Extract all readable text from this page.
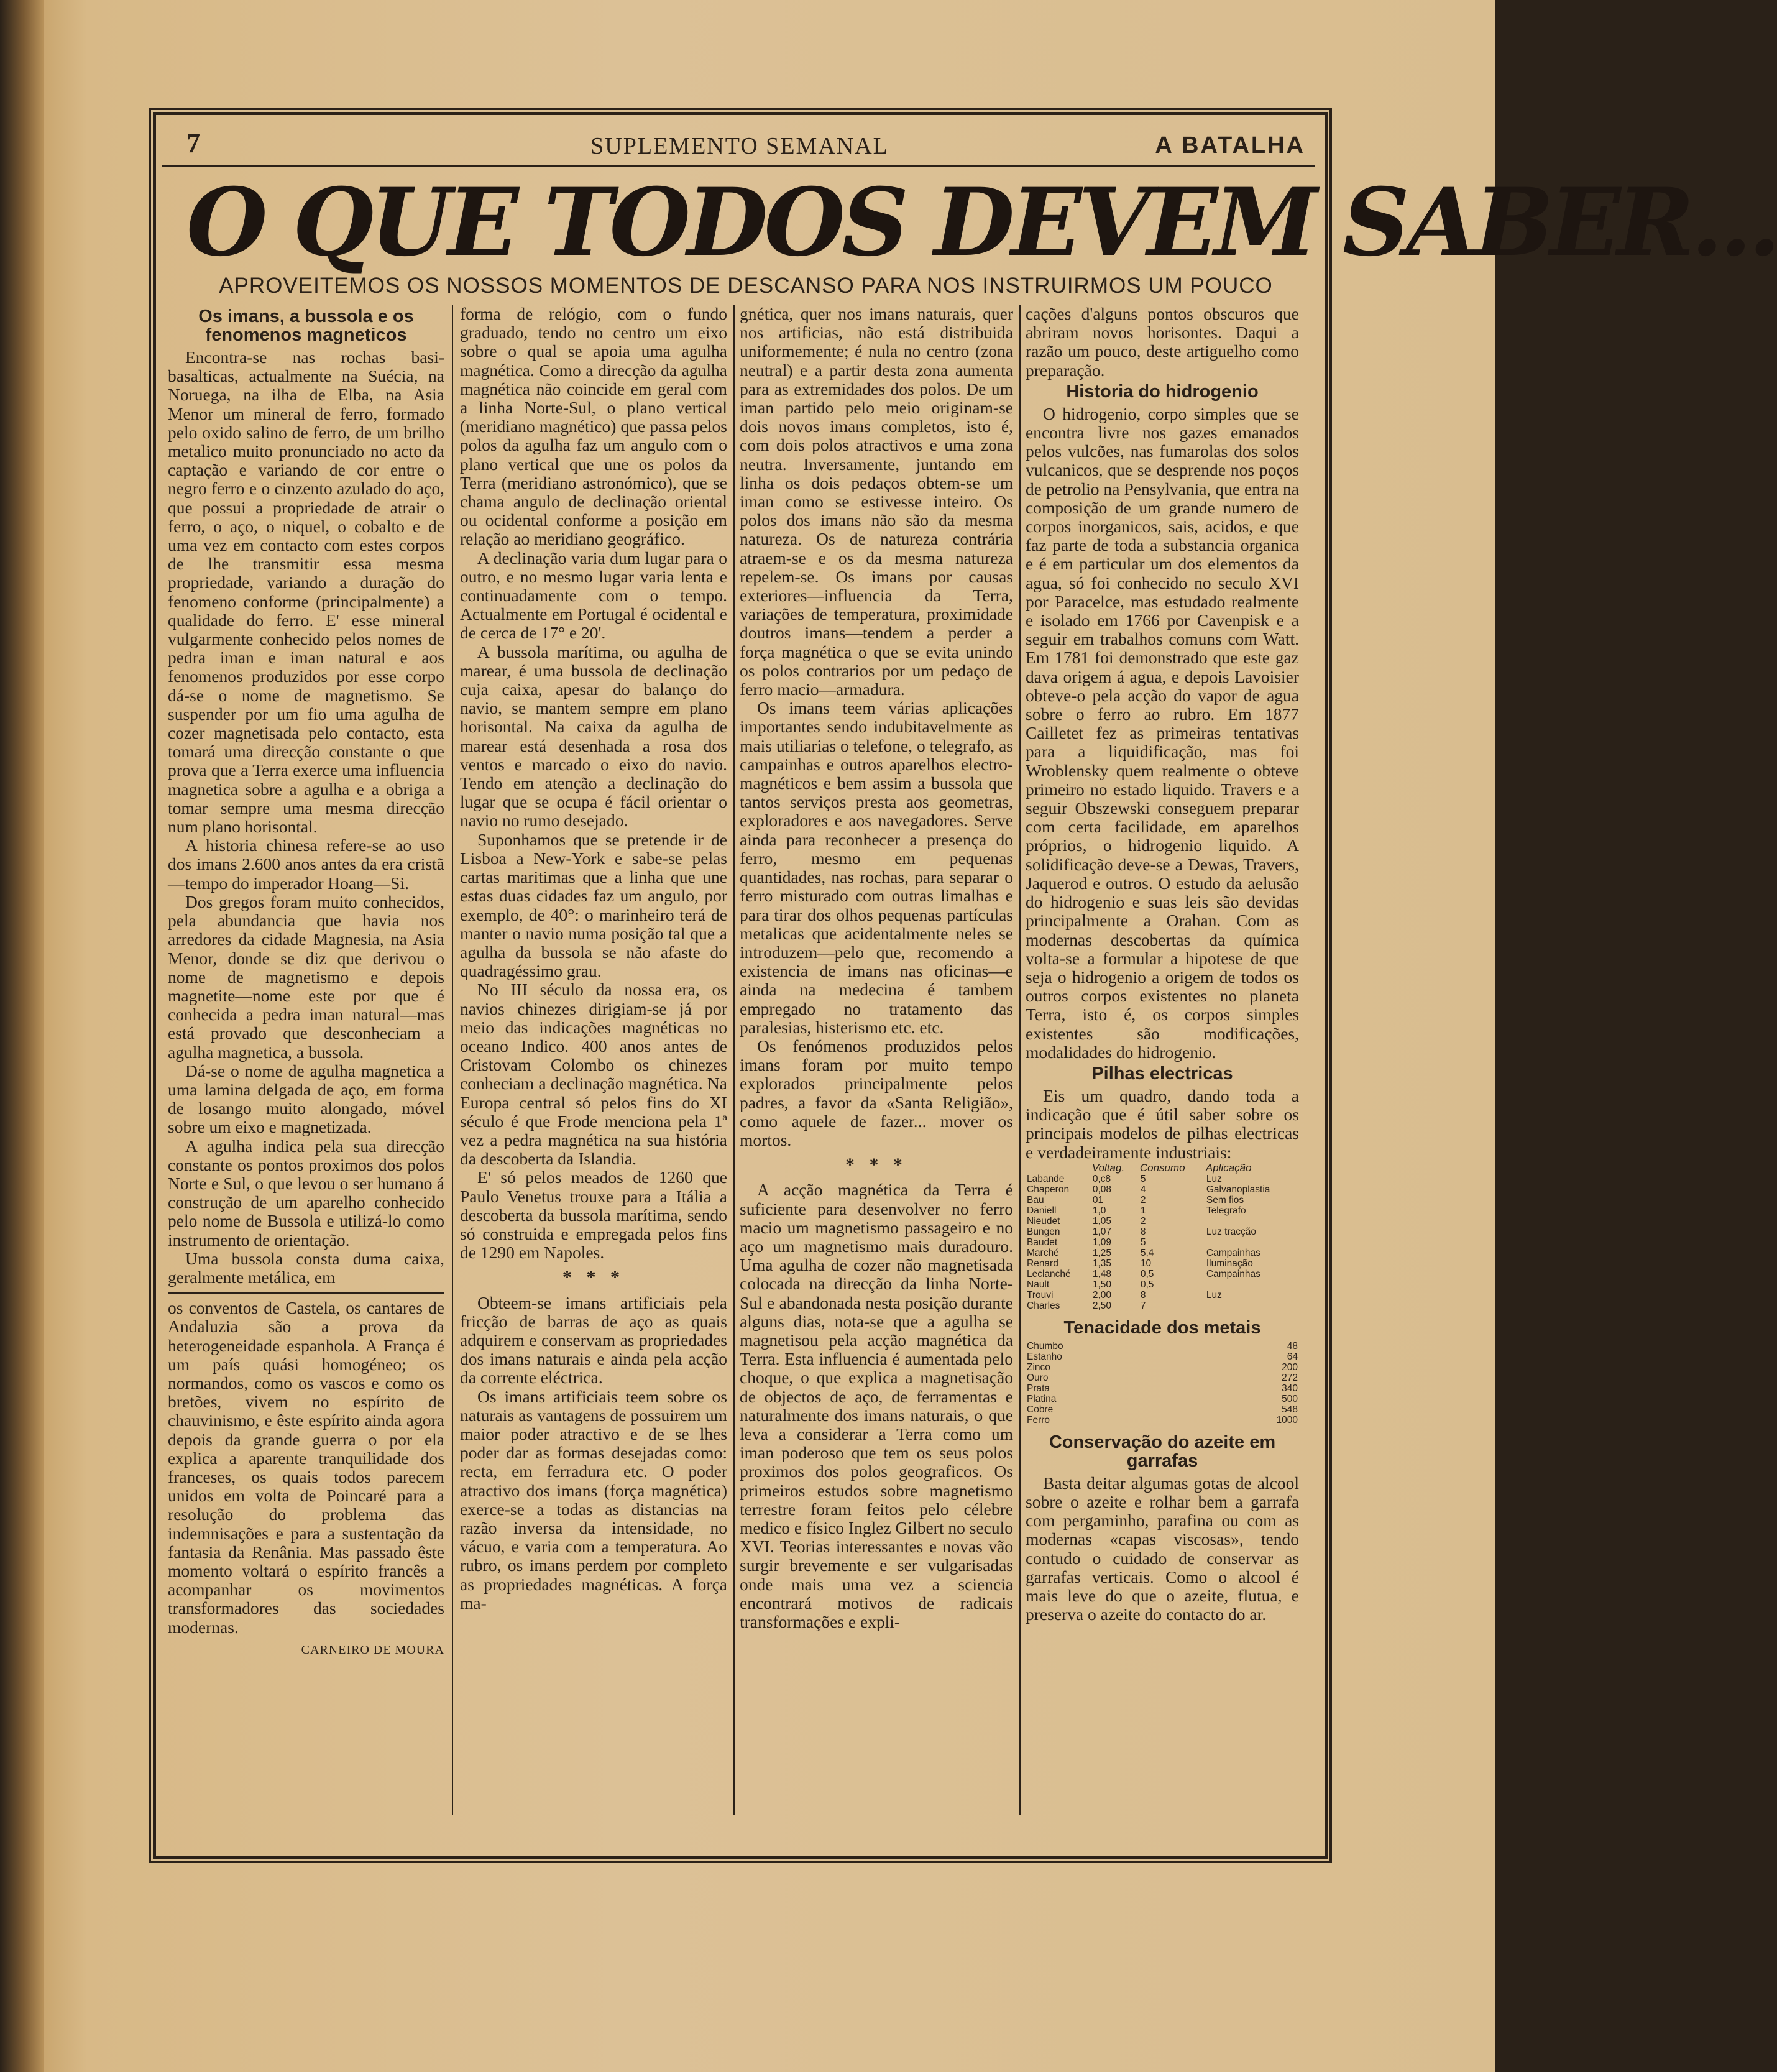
7	SUPLEMENTO SEMANAL	A BATALHA
O QUE TODOS DEVEM SABER...
APROVEITEMOS OS NOSSOS MOMENTOS DE DESCANSO PARA NOS INSTRUIRMOS UM POUCO
Os imans, a bussola e os fenomenos magneticos

Encontra-se nas rochas basi-basalticas, actualmente na Suécia, na Noruega, na ilha de Elba, na Asia Menor um mineral de ferro, formado pelo oxido salino de ferro, de um brilho metalico muito pronunciado no acto da captação e variando de cor entre o negro ferro e o cinzento azulado do aço, que possui a propriedade de atrair o ferro, o aço, o niquel, o cobalto e de uma vez em contacto com estes corpos de lhe transmitir essa mesma propriedade, variando a duração do fenomeno conforme (principalmente) a qualidade do ferro. E' esse mineral vulgarmente conhecido pelos nomes de pedra iman e iman natural e aos fenomenos produzidos por esse corpo dá-se o nome de magnetismo. Se suspender por um fio uma agulha de cozer magnetisada pelo contacto, esta tomará uma direcção constante o que prova que a Terra exerce uma influencia magnetica sobre a agulha e a obriga a tomar sempre uma mesma direcção num plano horisontal.

A historia chinesa refere-se ao uso dos imans 2.600 anos antes da era cristã—tempo do imperador Hoang—Si.

Dos gregos foram muito conhecidos, pela abundancia que havia nos arredores da cidade Magnesia, na Asia Menor, donde se diz que derivou o nome de magnetismo e depois magnetite—nome este por que é conhecida a pedra iman natural—mas está provado que desconheciam a agulha magnetica, a bussola.

Dá-se o nome de agulha magnetica a uma lamina delgada de aço, em forma de losango muito alongado, móvel sobre um eixo e magnetizada.

A agulha indica pela sua direcção constante os pontos proximos dos polos Norte e Sul, o que levou o ser humano á construção de um aparelho conhecido pelo nome de Bussola e utilizá-lo como instrumento de orientação.

Uma bussola consta duma caixa, geralmente metálica, em

os conventos de Castela, os cantares de Andaluzia são a prova da heterogeneidade espanhola. A França é um país quási homogéneo; os normandos, como os vascos e como os bretões, vivem no espírito de chauvinismo, e êste espírito ainda agora depois da grande guerra o por ela explica a aparente tranquilidade dos franceses, os quais todos parecem unidos em volta de Poincaré para a resolução do problema das indemnisações e para a sustentação da fantasia da Renânia. Mas passado êste momento voltará o espírito francês a acompanhar os movimentos transformadores das sociedades modernas.

CARNEIRO DE MOURA

forma de relógio, com o fundo graduado, tendo no centro um eixo sobre o qual se apoia uma agulha magnética. Como a direcção da agulha magnética não coincide em geral com a linha Norte-Sul, o plano vertical (meridiano magnético) que passa pelos polos da agulha faz um angulo com o plano vertical que une os polos da Terra (meridiano astronómico), que se chama angulo de declinação oriental ou ocidental conforme a posição em relação ao meridiano geográfico.

A declinação varia dum lugar para o outro, e no mesmo lugar varia lenta e continuadamente com o tempo. Actualmente em Portugal é ocidental e de cerca de 17° e 20'.

A bussola marítima, ou agulha de marear, é uma bussola de declinação cuja caixa, apesar do balanço do navio, se mantem sempre em plano horisontal. Na caixa da agulha de marear está desenhada a rosa dos ventos e marcado o eixo do navio. Tendo em atenção a declinação do lugar que se ocupa é fácil orientar o navio no rumo desejado.

Suponhamos que se pretende ir de Lisboa a New-York e sabe-se pelas cartas maritimas que a linha que une estas duas cidades faz um angulo, por exemplo, de 40°: o marinheiro terá de manter o navio numa posição tal que a agulha da bussola se não afaste do quadragéssimo grau.

No III século da nossa era, os navios chinezes dirigiam-se já por meio das indicações magnéticas no oceano Indico. 400 anos antes de Cristovam Colombo os chinezes conheciam a declinação magnética. Na Europa central só pelos fins do XI século é que Frode menciona pela 1ª vez a pedra magnética na sua história da descoberta da Islandia.

E' só pelos meados de 1260 que Paulo Venetus trouxe para a Itália a descoberta da bussola marítima, sendo só construida e empregada pelos fins de 1290 em Napoles.

* * *

Obteem-se imans artificiais pela fricção de barras de aço as quais adquirem e conservam as propriedades dos imans naturais e ainda pela acção da corrente eléctrica.

Os imans artificiais teem sobre os naturais as vantagens de possuirem um maior poder atractivo e de se lhes poder dar as formas desejadas como: recta, em ferradura etc. O poder atractivo dos imans (força magnética) exerce-se a todas as distancias na razão inversa da intensidade, no vácuo, e varia com a temperatura. Ao rubro, os imans perdem por completo as propriedades magnéticas. A força ma-

gnética, quer nos imans naturais, quer nos artificias, não está distribuida uniformemente; é nula no centro (zona neutral) e a partir desta zona aumenta para as extremidades dos polos. De um iman partido pelo meio originam-se dois novos imans completos, isto é, com dois polos atractivos e uma zona neutra. Inversamente, juntando em linha os dois pedaços obtem-se um iman como se estivesse inteiro. Os polos dos imans não são da mesma natureza. Os de natureza contrária atraem-se e os da mesma natureza repelem-se. Os imans por causas exteriores—influencia da Terra, variações de temperatura, proximidade doutros imans—tendem a perder a força magnética o que se evita unindo os polos contrarios por um pedaço de ferro macio—armadura.

Os imans teem várias aplicações importantes sendo indubitavelmente as mais utiliarias o telefone, o telegrafo, as campainhas e outros aparelhos electro-magnéticos e bem assim a bussola que tantos serviços presta aos geometras, exploradores e aos navegadores. Serve ainda para reconhecer a presença do ferro, mesmo em pequenas quantidades, nas rochas, para separar o ferro misturado com outras limalhas e para tirar dos olhos pequenas partículas metalicas que acidentalmente neles se introduzem—pelo que, recomendo a existencia de imans nas oficinas—e ainda na medecina é tambem empregado no tratamento das paralesias, histerismo etc. etc.

Os fenómenos produzidos pelos imans foram por muito tempo explorados principalmente pelos padres, a favor da «Santa Religião», como aquele de fazer... mover os mortos.

* * *

A acção magnética da Terra é suficiente para desenvolver no ferro macio um magnetismo passageiro e no aço um magnetismo mais duradouro. Uma agulha de cozer não magnetisada colocada na direcção da linha Norte-Sul e abandonada nesta posição durante alguns dias, nota-se que a agulha se magnetisou pela acção magnética da Terra. Esta influencia é aumentada pelo choque, o que explica a magnetisação de objectos de aço, de ferramentas e naturalmente dos imans naturais, o que leva a considerar a Terra como um iman poderoso que tem os seus polos proximos dos polos geograficos. Os primeiros estudos sobre magnetismo terrestre foram feitos pelo célebre medico e físico Inglez Gilbert no seculo XVI. Teorias interessantes e novas vão surgir brevemente e ser vulgarisadas onde mais uma vez a sciencia encontrará motivos de radicais transformações e expli-

cações d'alguns pontos obscuros que abriram novos horisontes. Daqui a razão um pouco, deste artiguelho como preparação.

Historia do hidrogenio

O hidrogenio, corpo simples que se encontra livre nos gazes emanados pelos vulcões, nas fumarolas dos solos vulcanicos, que se desprende nos poços de petrolio na Pensylvania, que entra na composição de um grande numero de corpos inorganicos, sais, acidos, e que faz parte de toda a substancia organica e é em particular um dos elementos da agua, só foi conhecido no seculo XVI por Paracelce, mas estudado realmente e isolado em 1766 por Cavenpisk e a seguir em trabalhos comuns com Watt. Em 1781 foi demonstrado que este gaz dava origem á agua, e depois Lavoisier obteve-o pela acção do vapor de agua sobre o ferro ao rubro. Em 1877 Cailletet fez as primeiras tentativas para a liquidificação, mas foi Wroblensky quem realmente o obteve primeiro no estado liquido. Travers e a seguir Obszewski conseguem preparar com certa facilidade, em aparelhos próprios, o hidrogenio liquido. A solidificação deve-se a Dewas, Travers, Jaquerod e outros. O estudo da aelusão do hidrogenio e suas leis são devidas principalmente a Orahan. Com as modernas descobertas da química volta-se a formular a hipotese de que seja o hidrogenio a origem de todos os outros corpos existentes no planeta Terra, isto é, os corpos simples existentes são modificações, modalidades do hidrogenio.

Pilhas electricas

Eis um quadro, dando toda a indicação que é útil saber sobre os principais modelos de pilhas electricas e verdadeiramente industriais:

	Voltag.	Consumo	Aplicação
Labande	0,c8	5	Luz
Chaperon	0,08	4	Galvanoplastia
Bau	01	2	Sem fios
Daniell	1,0	1	Telegrafo
Nieudet	1,05	2	
Bungen	1,07	8	Luz tracção
Baudet	1,09	5	
Marché	1,25	5,4	Campainhas
Renard	1,35	10	Iluminação
Leclanché	1,48	0,5	Campainhas
Nault	1,50	0,5	
Trouvi	2,00	8	Luz
Charles	2,50	7	
Tenacidade dos metais
Chumbo	48
Estanho	64
Zinco	200
Ouro	272
Prata	340
Platina	500
Cobre	548
Ferro	1000
Conservação do azeite em garrafas

Basta deitar algumas gotas de alcool sobre o azeite e rolhar bem a garrafa com pergaminho, parafina ou com as modernas «capas viscosas», tendo contudo o cuidado de conservar as garrafas verticais. Como o alcool é mais leve do que o azeite, flutua, e preserva o azeite do contacto do ar.
